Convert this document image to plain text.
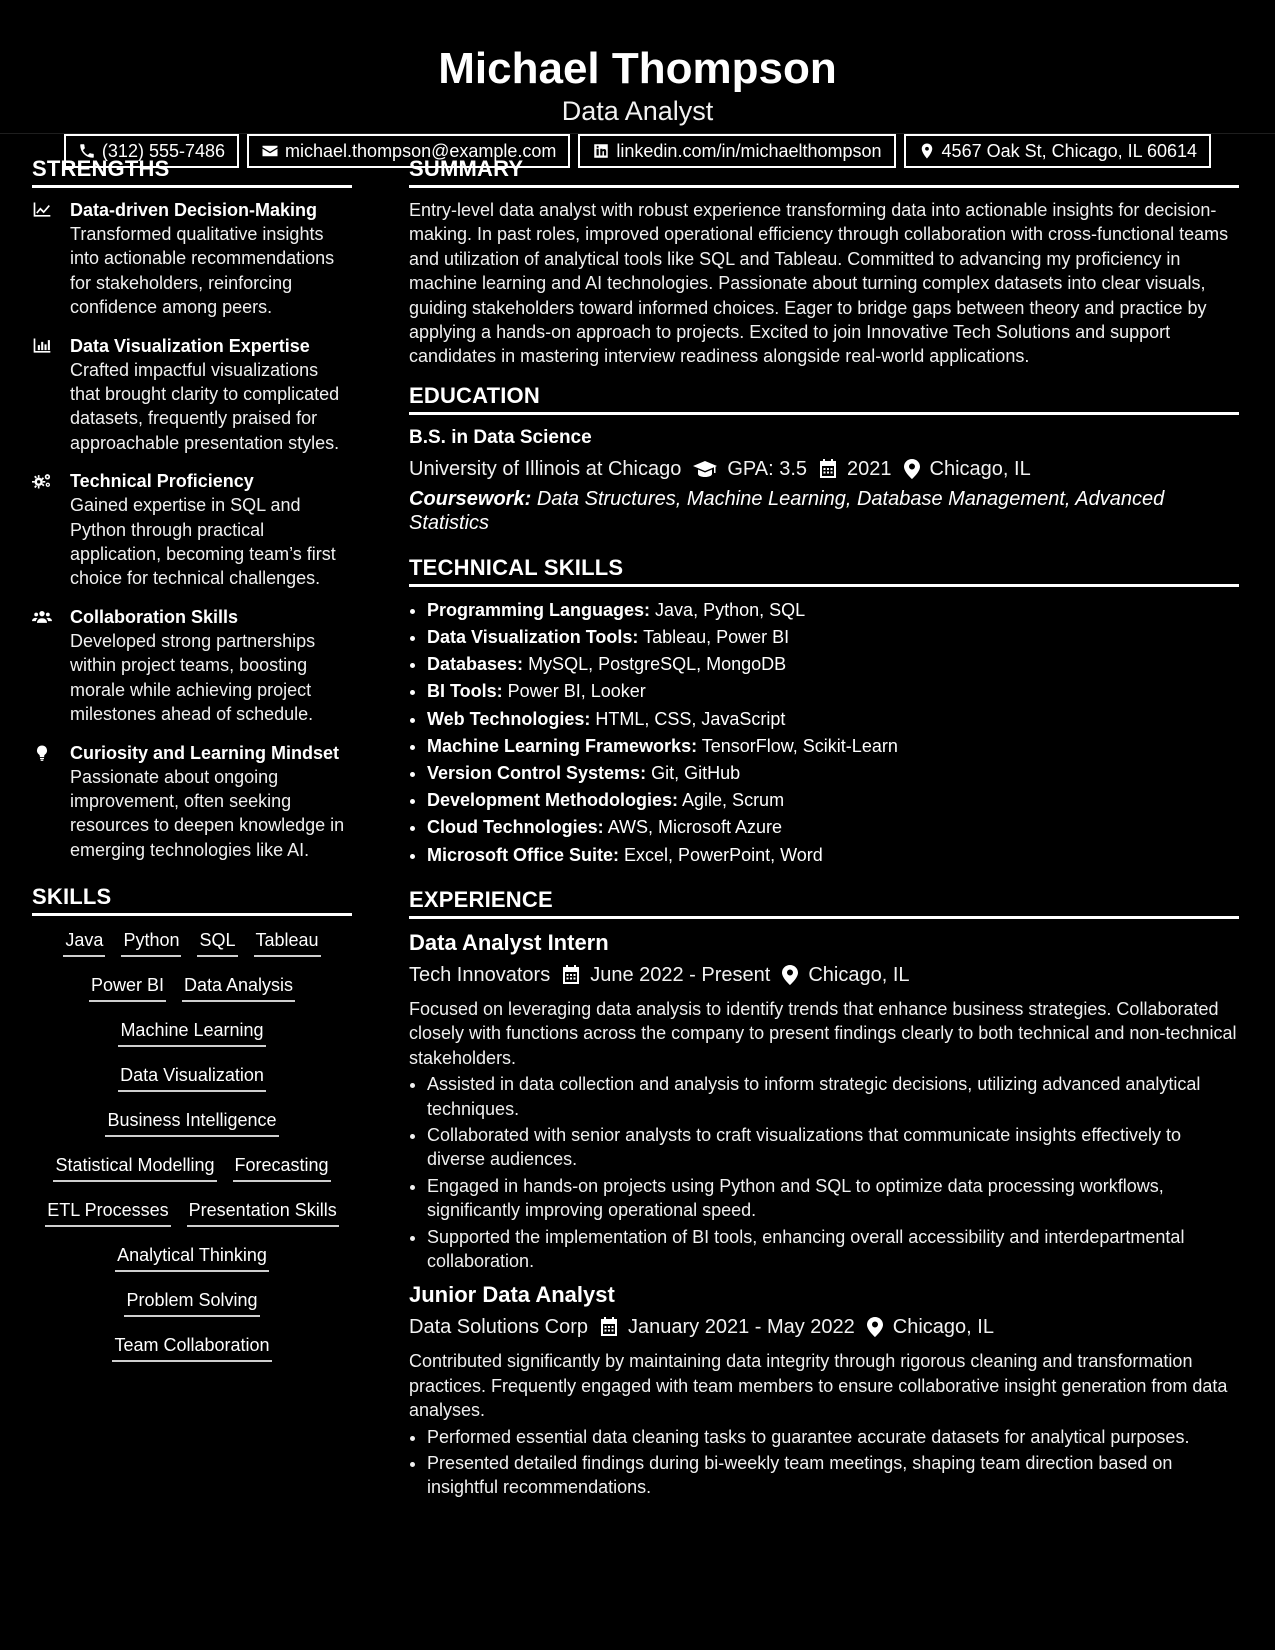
Michael Thompson
Data Analyst
(312) 555-7486	michael.thompson@example.com	linkedin.com/in/michaelthompson	4567 Oak St, Chicago, IL 60614
STRENGTHS
Data-driven Decision-Making
Transformed qualitative insights into actionable recommendations for stakeholders, reinforcing confidence among peers.
Data Visualization Expertise
Crafted impactful visualizations that brought clarity to complicated datasets, frequently praised for approachable presentation styles.
Technical Proficiency
Gained expertise in SQL and Python through practical application, becoming team’s first choice for technical challenges.
Collaboration Skills
Developed strong partnerships within project teams, boosting morale while achieving project milestones ahead of schedule.
Curiosity and Learning Mindset
Passionate about ongoing improvement, often seeking resources to deepen knowledge in emerging technologies like AI.
SKILLS
Java Python SQL Tableau
Power BI Data Analysis
Machine Learning
Data Visualization
Business Intelligence
Statistical Modelling Forecasting
ETL Processes Presentation Skills
Analytical Thinking
Problem Solving
Team Collaboration
SUMMARY

Entry-level data analyst with robust experience transforming data into actionable insights for decision-making. In past roles, improved operational efficiency through collaboration with cross-functional teams and utilization of analytical tools like SQL and Tableau. Committed to advancing my proficiency in machine learning and AI technologies. Passionate about turning complex datasets into clear visuals, guiding stakeholders toward informed choices. Eager to bridge gaps between theory and practice by applying a hands-on approach to projects. Excited to join Innovative Tech Solutions and support candidates in mastering interview readiness alongside real-world applications.

EDUCATION
B.S. in Data Science
University of Illinois at Chicago GPA: 3.5 2021 Chicago, IL
Coursework: Data Structures, Machine Learning, Database Management, Advanced Statistics
TECHNICAL SKILLS
• Programming Languages: Java, Python, SQL
• Data Visualization Tools: Tableau, Power BI
• Databases: MySQL, PostgreSQL, MongoDB
• BI Tools: Power BI, Looker
• Web Technologies: HTML, CSS, JavaScript
• Machine Learning Frameworks: TensorFlow, Scikit-Learn
• Version Control Systems: Git, GitHub
• Development Methodologies: Agile, Scrum
• Cloud Technologies: AWS, Microsoft Azure
• Microsoft Office Suite: Excel, PowerPoint, Word
EXPERIENCE
Data Analyst Intern
Tech Innovators June 2022 - Present Chicago, IL
Focused on leveraging data analysis to identify trends that enhance business strategies. Collaborated closely with functions across the company to present findings clearly to both technical and non-technical stakeholders.
• Assisted in data collection and analysis to inform strategic decisions, utilizing advanced analytical techniques.
• Collaborated with senior analysts to craft visualizations that communicate insights effectively to diverse audiences.
• Engaged in hands-on projects using Python and SQL to optimize data processing workflows, significantly improving operational speed.
• Supported the implementation of BI tools, enhancing overall accessibility and interdepartmental collaboration.
Junior Data Analyst
Data Solutions Corp January 2021 - May 2022 Chicago, IL
Contributed significantly by maintaining data integrity through rigorous cleaning and transformation practices. Frequently engaged with team members to ensure collaborative insight generation from data analyses.
• Performed essential data cleaning tasks to guarantee accurate datasets for analytical purposes.
• Presented detailed findings during bi-weekly team meetings, shaping team direction based on insightful recommendations.
